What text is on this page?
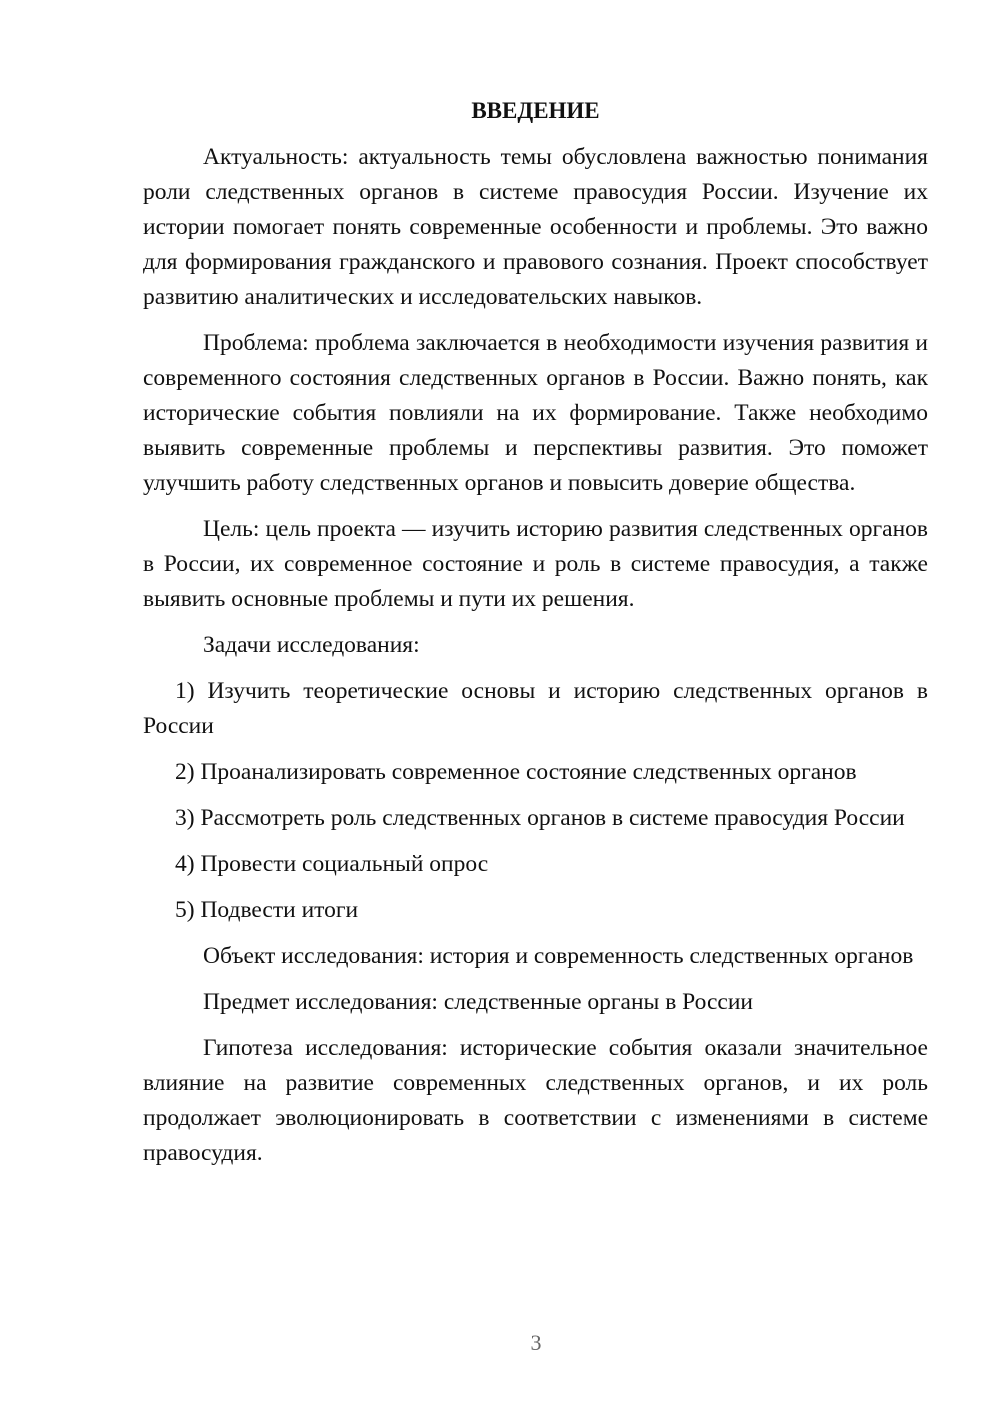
ВВЕДЕНИЕ

Актуальность: актуальность темы обусловлена важностью понимания роли следственных органов в системе правосудия России. Изучение их истории помогает понять современные особенности и проблемы. Это важно для формирования гражданского и правового сознания. Проект способствует развитию аналитических и исследовательских навыков.

Проблема: проблема заключается в необходимости изучения развития и современного состояния следственных органов в России. Важно понять, как исторические события повлияли на их формирование. Также необходимо выявить современные проблемы и перспективы развития. Это поможет улучшить работу следственных органов и повысить доверие общества.

Цель: цель проекта — изучить историю развития следственных органов в России, их современное состояние и роль в системе правосудия, а также выявить основные проблемы и пути их решения.

Задачи исследования:

1) Изучить теоретические основы и историю следственных органов в России

2) Проанализировать современное состояние следственных органов

3) Рассмотреть роль следственных органов в системе правосудия России

4) Провести социальный опрос

5) Подвести итоги

Объект исследования: история и современность следственных органов

Предмет исследования: следственные органы в России

Гипотеза исследования: исторические события оказали значительное влияние на развитие современных следственных органов, и их роль продолжает эволюционировать в соответствии с изменениями в системе правосудия.

3
